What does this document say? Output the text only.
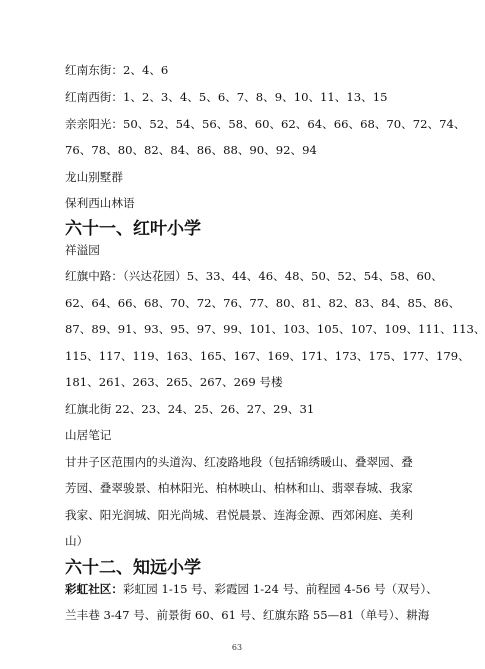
红南东街：2、4、6
红南西街：1、2、3、4、5、6、7、8、9、10、11、13、15
亲亲阳光：50、52、54、56、58、60、62、64、66、68、70、72、74、
76、78、80、82、84、86、88、90、92、94
龙山别墅群
保利西山林语
六十一、红叶小学
祥溢园
红旗中路：（兴达花园）5、33、44、46、48、50、52、54、58、60、
62、64、66、68、70、72、76、77、80、81、82、83、84、85、86、
87、89、91、93、95、97、99、101、103、105、107、109、111、113、
115、117、119、163、165、167、169、171、173、175、177、179、
181、261、263、265、267、269 号楼
红旗北街 22、23、24、25、26、27、29、31
山居笔记
甘井子区范围内的头道沟、红凌路地段（包括锦绣暖山、叠翠园、叠
芳园、叠翠骏景、柏林阳光、柏林映山、柏林和山、翡翠春城、我家
我家、阳光润城、阳光尚城、君悦晨景、连海金源、西郊闲庭、美利
山）
六十二、知远小学
彩虹社区：彩虹园 1-15 号、彩霞园 1-24 号、前程园 4-56 号（双号）、
兰丰巷 3-47 号、前景街 60、61 号、红旗东路 55—81（单号）、耕海
63
